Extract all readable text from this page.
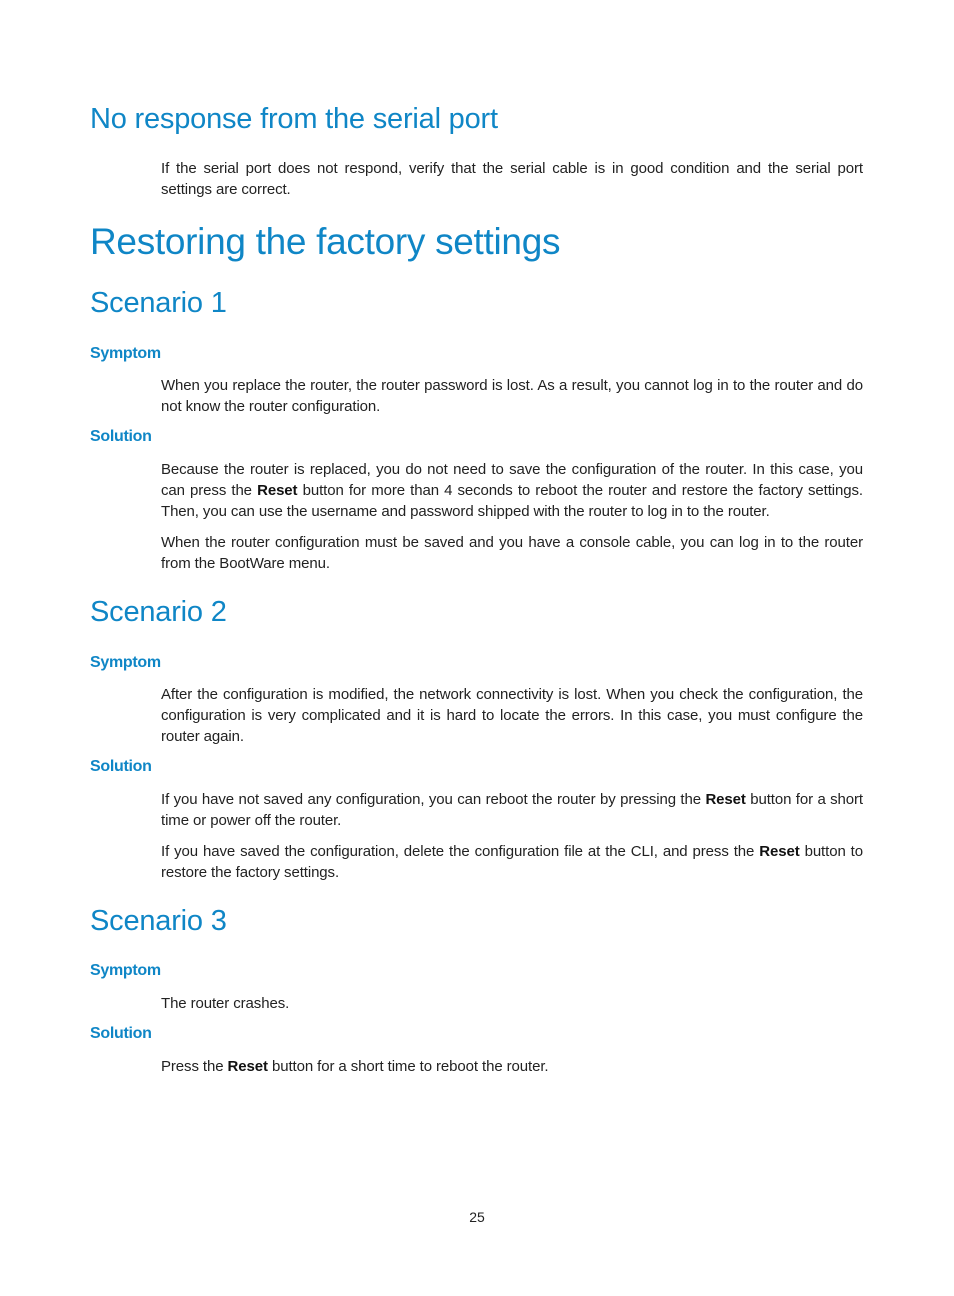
No response from the serial port

If the serial port does not respond, verify that the serial cable is in good condition and the serial port settings are correct.

Restoring the factory settings
Scenario 1
Symptom

When you replace the router, the router password is lost. As a result, you cannot log in to the router and do not know the router configuration.

Solution

Because the router is replaced, you do not need to save the configuration of the router. In this case, you can press the Reset button for more than 4 seconds to reboot the router and restore the factory settings. Then, you can use the username and password shipped with the router to log in to the router.

When the router configuration must be saved and you have a console cable, you can log in to the router from the BootWare menu.

Scenario 2
Symptom

After the configuration is modified, the network connectivity is lost. When you check the configuration, the configuration is very complicated and it is hard to locate the errors. In this case, you must configure the router again.

Solution

If you have not saved any configuration, you can reboot the router by pressing the Reset button for a short time or power off the router.

If you have saved the configuration, delete the configuration file at the CLI, and press the Reset button to restore the factory settings.

Scenario 3
Symptom

The router crashes.

Solution

Press the Reset button for a short time to reboot the router.

25
